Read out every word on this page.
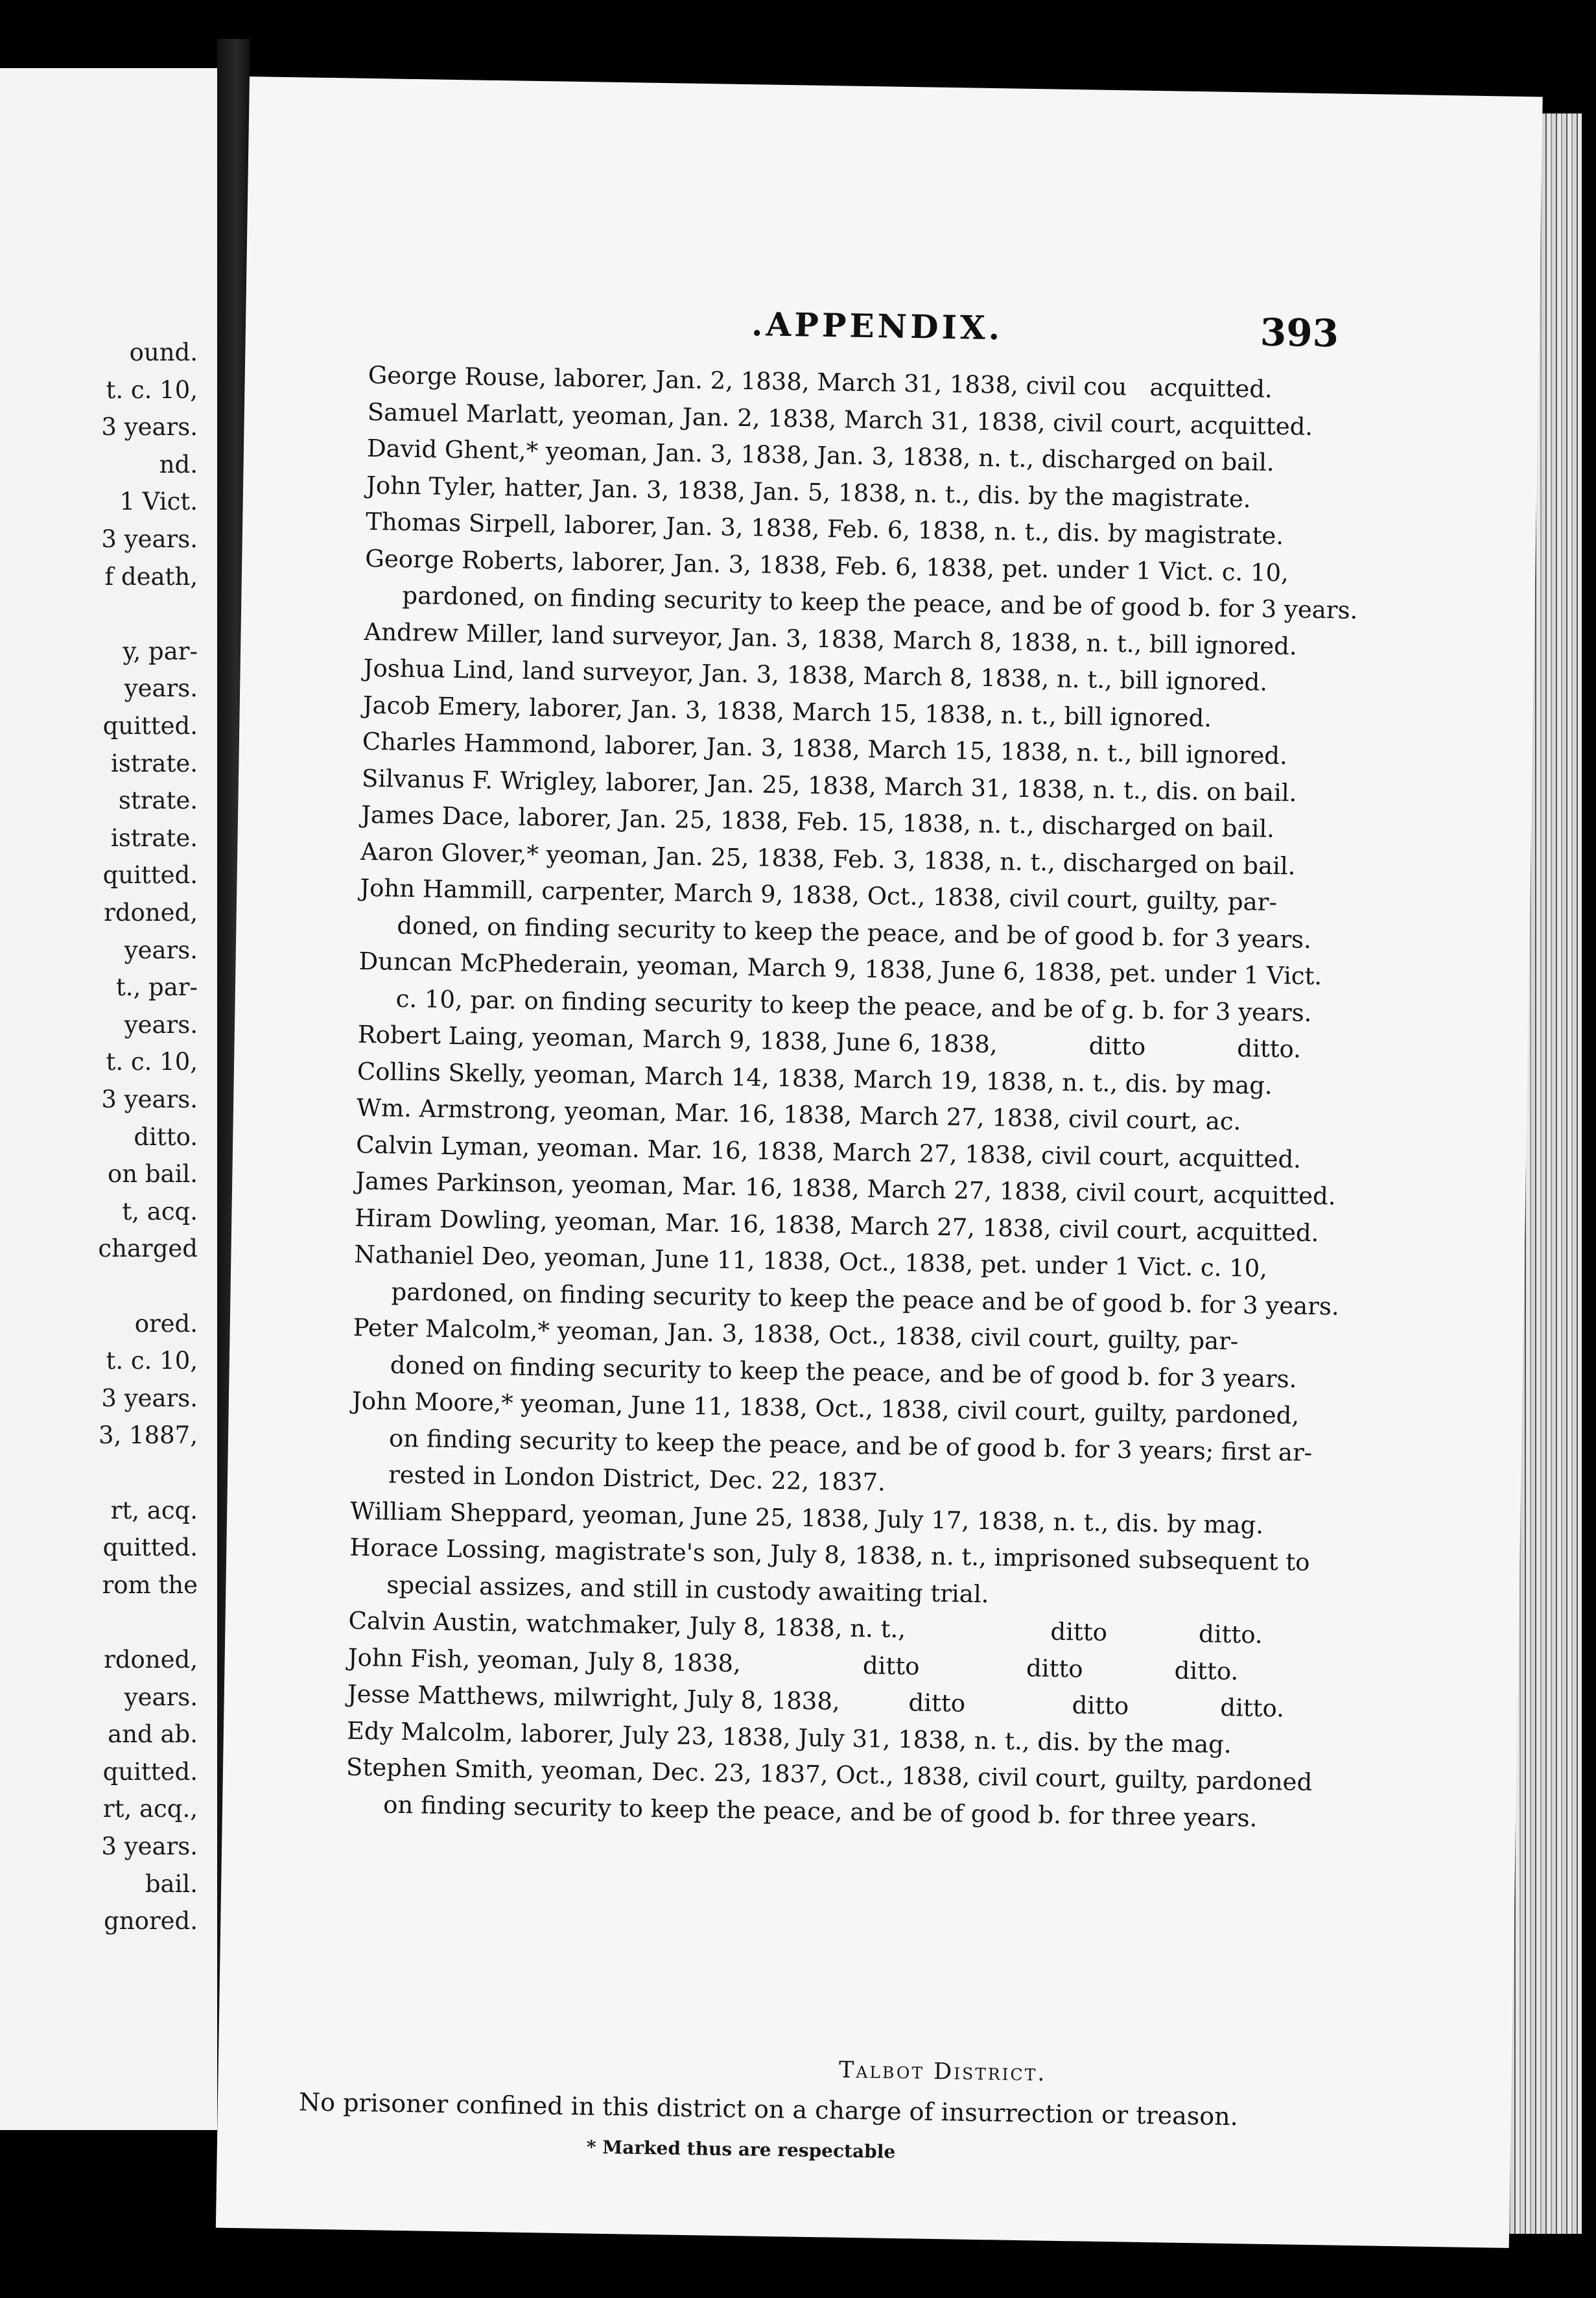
ound.
t. c. 10,
3 years.
nd.
1 Vict.
3 years.
f death,
y, par-
years.
quitted.
istrate.
strate.
istrate.
quitted.
rdoned,
years.
t., par-
years.
t. c. 10,
3 years.
ditto.
on bail.
t, acq.
charged
ored.
t. c. 10,
3 years.
3, 1887,
rt, acq.
quitted.
rom the
rdoned,
years.
and ab.
quitted.
rt, acq.,
3 years.
bail.
gnored.
.APPENDIX.	393
George Rouse, laborer, Jan. 2, 1838, March 31, 1838, civil cou   acquitted.
Samuel Marlatt, yeoman, Jan. 2, 1838, March 31, 1838, civil court, acquitted.
David Ghent,* yeoman, Jan. 3, 1838, Jan. 3, 1838, n. t., discharged on bail.
John Tyler, hatter, Jan. 3, 1838, Jan. 5, 1838, n. t., dis. by the magistrate.
Thomas Sirpell, laborer, Jan. 3, 1838, Feb. 6, 1838, n. t., dis. by magistrate.
George Roberts, laborer, Jan. 3, 1838, Feb. 6, 1838, pet. under 1 Vict. c. 10,
pardoned, on finding security to keep the peace, and be of good b. for 3 years.
Andrew Miller, land surveyor, Jan. 3, 1838, March 8, 1838, n. t., bill ignored.
Joshua Lind, land surveyor, Jan. 3, 1838, March 8, 1838, n. t., bill ignored.
Jacob Emery, laborer, Jan. 3, 1838, March 15, 1838, n. t., bill ignored.
Charles Hammond, laborer, Jan. 3, 1838, March 15, 1838, n. t., bill ignored.
Silvanus F. Wrigley, laborer, Jan. 25, 1838, March 31, 1838, n. t., dis. on bail.
James Dace, laborer, Jan. 25, 1838, Feb. 15, 1838, n. t., discharged on bail.
Aaron Glover,* yeoman, Jan. 25, 1838, Feb. 3, 1838, n. t., discharged on bail.
John Hammill, carpenter, March 9, 1838, Oct., 1838, civil court, guilty, par-
doned, on finding security to keep the peace, and be of good b. for 3 years.
Duncan McPhederain, yeoman, March 9, 1838, June 6, 1838, pet. under 1 Vict.
c. 10, par. on finding security to keep the peace, and be of g. b. for 3 years.
Robert Laing, yeoman, March 9, 1838, June 6, 1838,            ditto            ditto.
Collins Skelly, yeoman, March 14, 1838, March 19, 1838, n. t., dis. by mag.
Wm. Armstrong, yeoman, Mar. 16, 1838, March 27, 1838, civil court, ac.
Calvin Lyman, yeoman. Mar. 16, 1838, March 27, 1838, civil court, acquitted.
James Parkinson, yeoman, Mar. 16, 1838, March 27, 1838, civil court, acquitted.
Hiram Dowling, yeoman, Mar. 16, 1838, March 27, 1838, civil court, acquitted.
Nathaniel Deo, yeoman, June 11, 1838, Oct., 1838, pet. under 1 Vict. c. 10,
pardoned, on finding security to keep the peace and be of good b. for 3 years.
Peter Malcolm,* yeoman, Jan. 3, 1838, Oct., 1838, civil court, guilty, par-
doned on finding security to keep the peace, and be of good b. for 3 years.
John Moore,* yeoman, June 11, 1838, Oct., 1838, civil court, guilty, pardoned,
on finding security to keep the peace, and be of good b. for 3 years; first ar-
rested in London District, Dec. 22, 1837.
William Sheppard, yeoman, June 25, 1838, July 17, 1838, n. t., dis. by mag.
Horace Lossing, magistrate's son, July 8, 1838, n. t., imprisoned subsequent to
special assizes, and still in custody awaiting trial.
Calvin Austin, watchmaker, July 8, 1838, n. t.,                   ditto            ditto.
John Fish, yeoman, July 8, 1838,                ditto              ditto            ditto.
Jesse Matthews, milwright, July 8, 1838,         ditto              ditto            ditto.
Edy Malcolm, laborer, July 23, 1838, July 31, 1838, n. t., dis. by the mag.
Stephen Smith, yeoman, Dec. 23, 1837, Oct., 1838, civil court, guilty, pardoned
on finding security to keep the peace, and be of good b. for three years.
Talbot District.
No prisoner confined in this district on a charge of insurrection or treason.
* Marked thus are respectable
